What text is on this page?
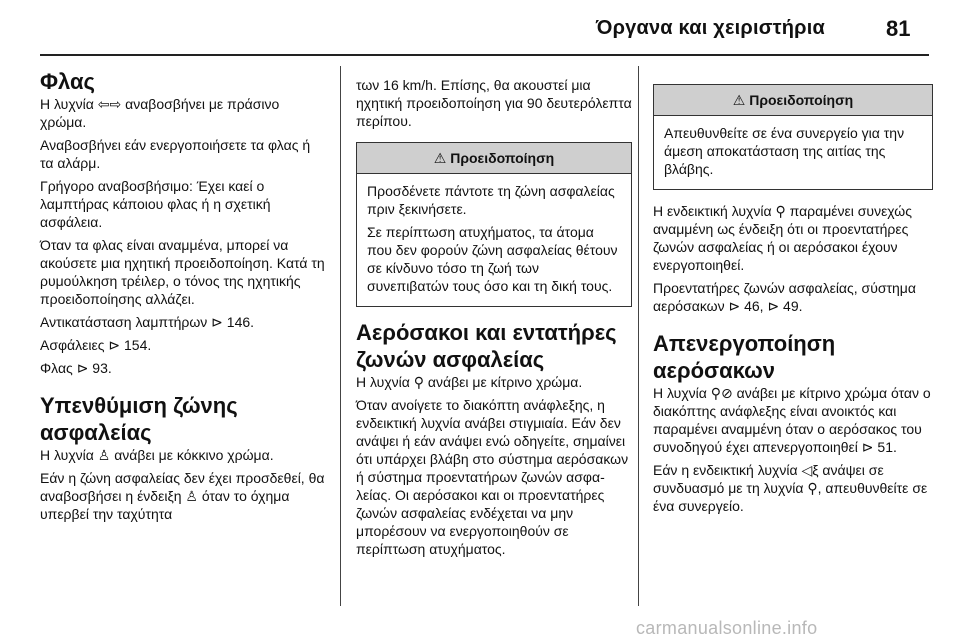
Όργανα και χειριστήρια	81
Φλας

Η λυχνία ⇦⇨ αναβοσβήνει με πράσινο χρώμα.

Αναβοσβήνει εάν ενεργοποιήσετε τα φλας ή τα αλάρμ.

Γρήγορο αναβοσβήσιμο: Έχει καεί ο λαμπτήρας κάποιου φλας ή η σχετική ασφάλεια.

Όταν τα φλας είναι αναμμένα, μπορεί να ακούσετε μια ηχητική προειδοποίηση. Κατά τη ρυμούλκηση τρέιλερ, ο τόνος της ηχητικής προειδοποίησης αλλάζει.

Αντικατάσταση λαμπτήρων ⊳ 146.

Ασφάλειες ⊳ 154.

Φλας ⊳ 93.

Υπενθύμιση ζώνης
ασφαλείας

Η λυχνία ♙ ανάβει με κόκκινο χρώμα.

Εάν η ζώνη ασφαλείας δεν έχει προσδεθεί, θα αναβοσβήσει η ένδειξη ♙ όταν το όχημα υπερβεί την ταχύτητα

των 16 km/h. Επίσης, θα ακουστεί μια ηχητική προειδοποίηση για 90 δευτερόλεπτα περίπου.

⚠ Προειδοποίηση

Προσδένετε πάντοτε τη ζώνη ασφαλείας πριν ξεκινήσετε.

Σε περίπτωση ατυχήματος, τα άτομα που δεν φορούν ζώνη ασφαλείας θέτουν σε κίνδυνο τόσο τη ζωή των συνεπιβατών τους όσο και τη δική τους.

Αερόσακοι και εντατήρες
ζωνών ασφαλείας

Η λυχνία ⚲ ανάβει με κίτρινο χρώμα.

Όταν ανοίγετε το διακόπτη ανάφλεξης, η ενδεικτική λυχνία ανάβει στιγμιαία. Εάν δεν ανάψει ή εάν ανάψει ενώ οδηγείτε, σημαίνει ότι υπάρχει βλάβη στο σύστημα αερόσακων ή σύστημα προεντατήρων ζωνών ασφαλείας. Οι αερόσακοι και οι προεντατήρες ζωνών ασφαλείας ενδέχεται να μην μπορέσουν να ενεργοποιηθούν σε περίπτωση ατυχήματος.

⚠ Προειδοποίηση

Απευθυνθείτε σε ένα συνεργείο για την άμεση αποκατάσταση της αιτίας της βλάβης.

Η ενδεικτική λυχνία ⚲ παραμένει συνεχώς αναμμένη ως ένδειξη ότι οι προεντατήρες ζωνών ασφαλείας ή οι αερόσακοι έχουν ενεργοποιηθεί.

Προεντατήρες ζωνών ασφαλείας, σύστημα αερόσακων ⊳ 46, ⊳ 49.

Απενεργοποίηση
αερόσακων

Η λυχνία ⚲⊘ ανάβει με κίτρινο χρώμα όταν ο διακόπτης ανάφλεξης είναι ανοικτός και παραμένει αναμμένη όταν ο αερόσακος του συνοδηγού έχει απενεργοποιηθεί ⊳ 51.

Εάν η ενδεικτική λυχνία ◁ξ ανάψει σε συνδυασμό με τη λυχνία ⚲, απευθυνθείτε σε ένα συνεργείο.

carmanualsonline.info
